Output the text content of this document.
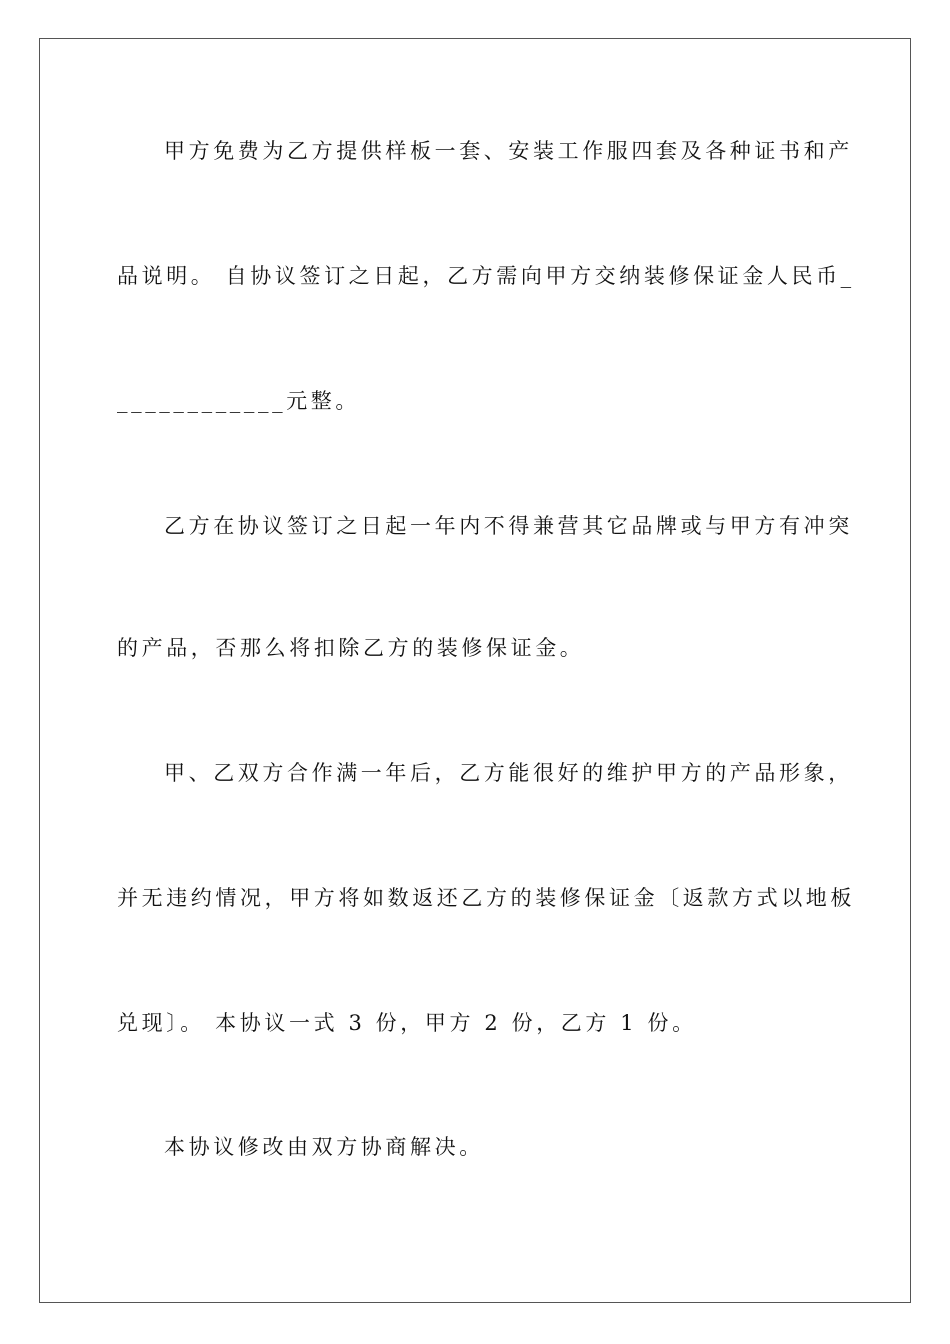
甲方免费为乙方提供样板一套、安装工作服四套及各种证书和产
品说明。 自协议签订之日起，乙方需向甲方交纳装修保证金人民币_
____________元整。
乙方在协议签订之日起一年内不得兼营其它品牌或与甲方有冲突
的产品，否那么将扣除乙方的装修保证金。
甲、乙双方合作满一年后，乙方能很好的维护甲方的产品形象，
并无违约情况，甲方将如数返还乙方的装修保证金〔返款方式以地板
兑现〕。 本协议一式 3 份，甲方 2 份，乙方 1 份。
本协议修改由双方协商解决。
